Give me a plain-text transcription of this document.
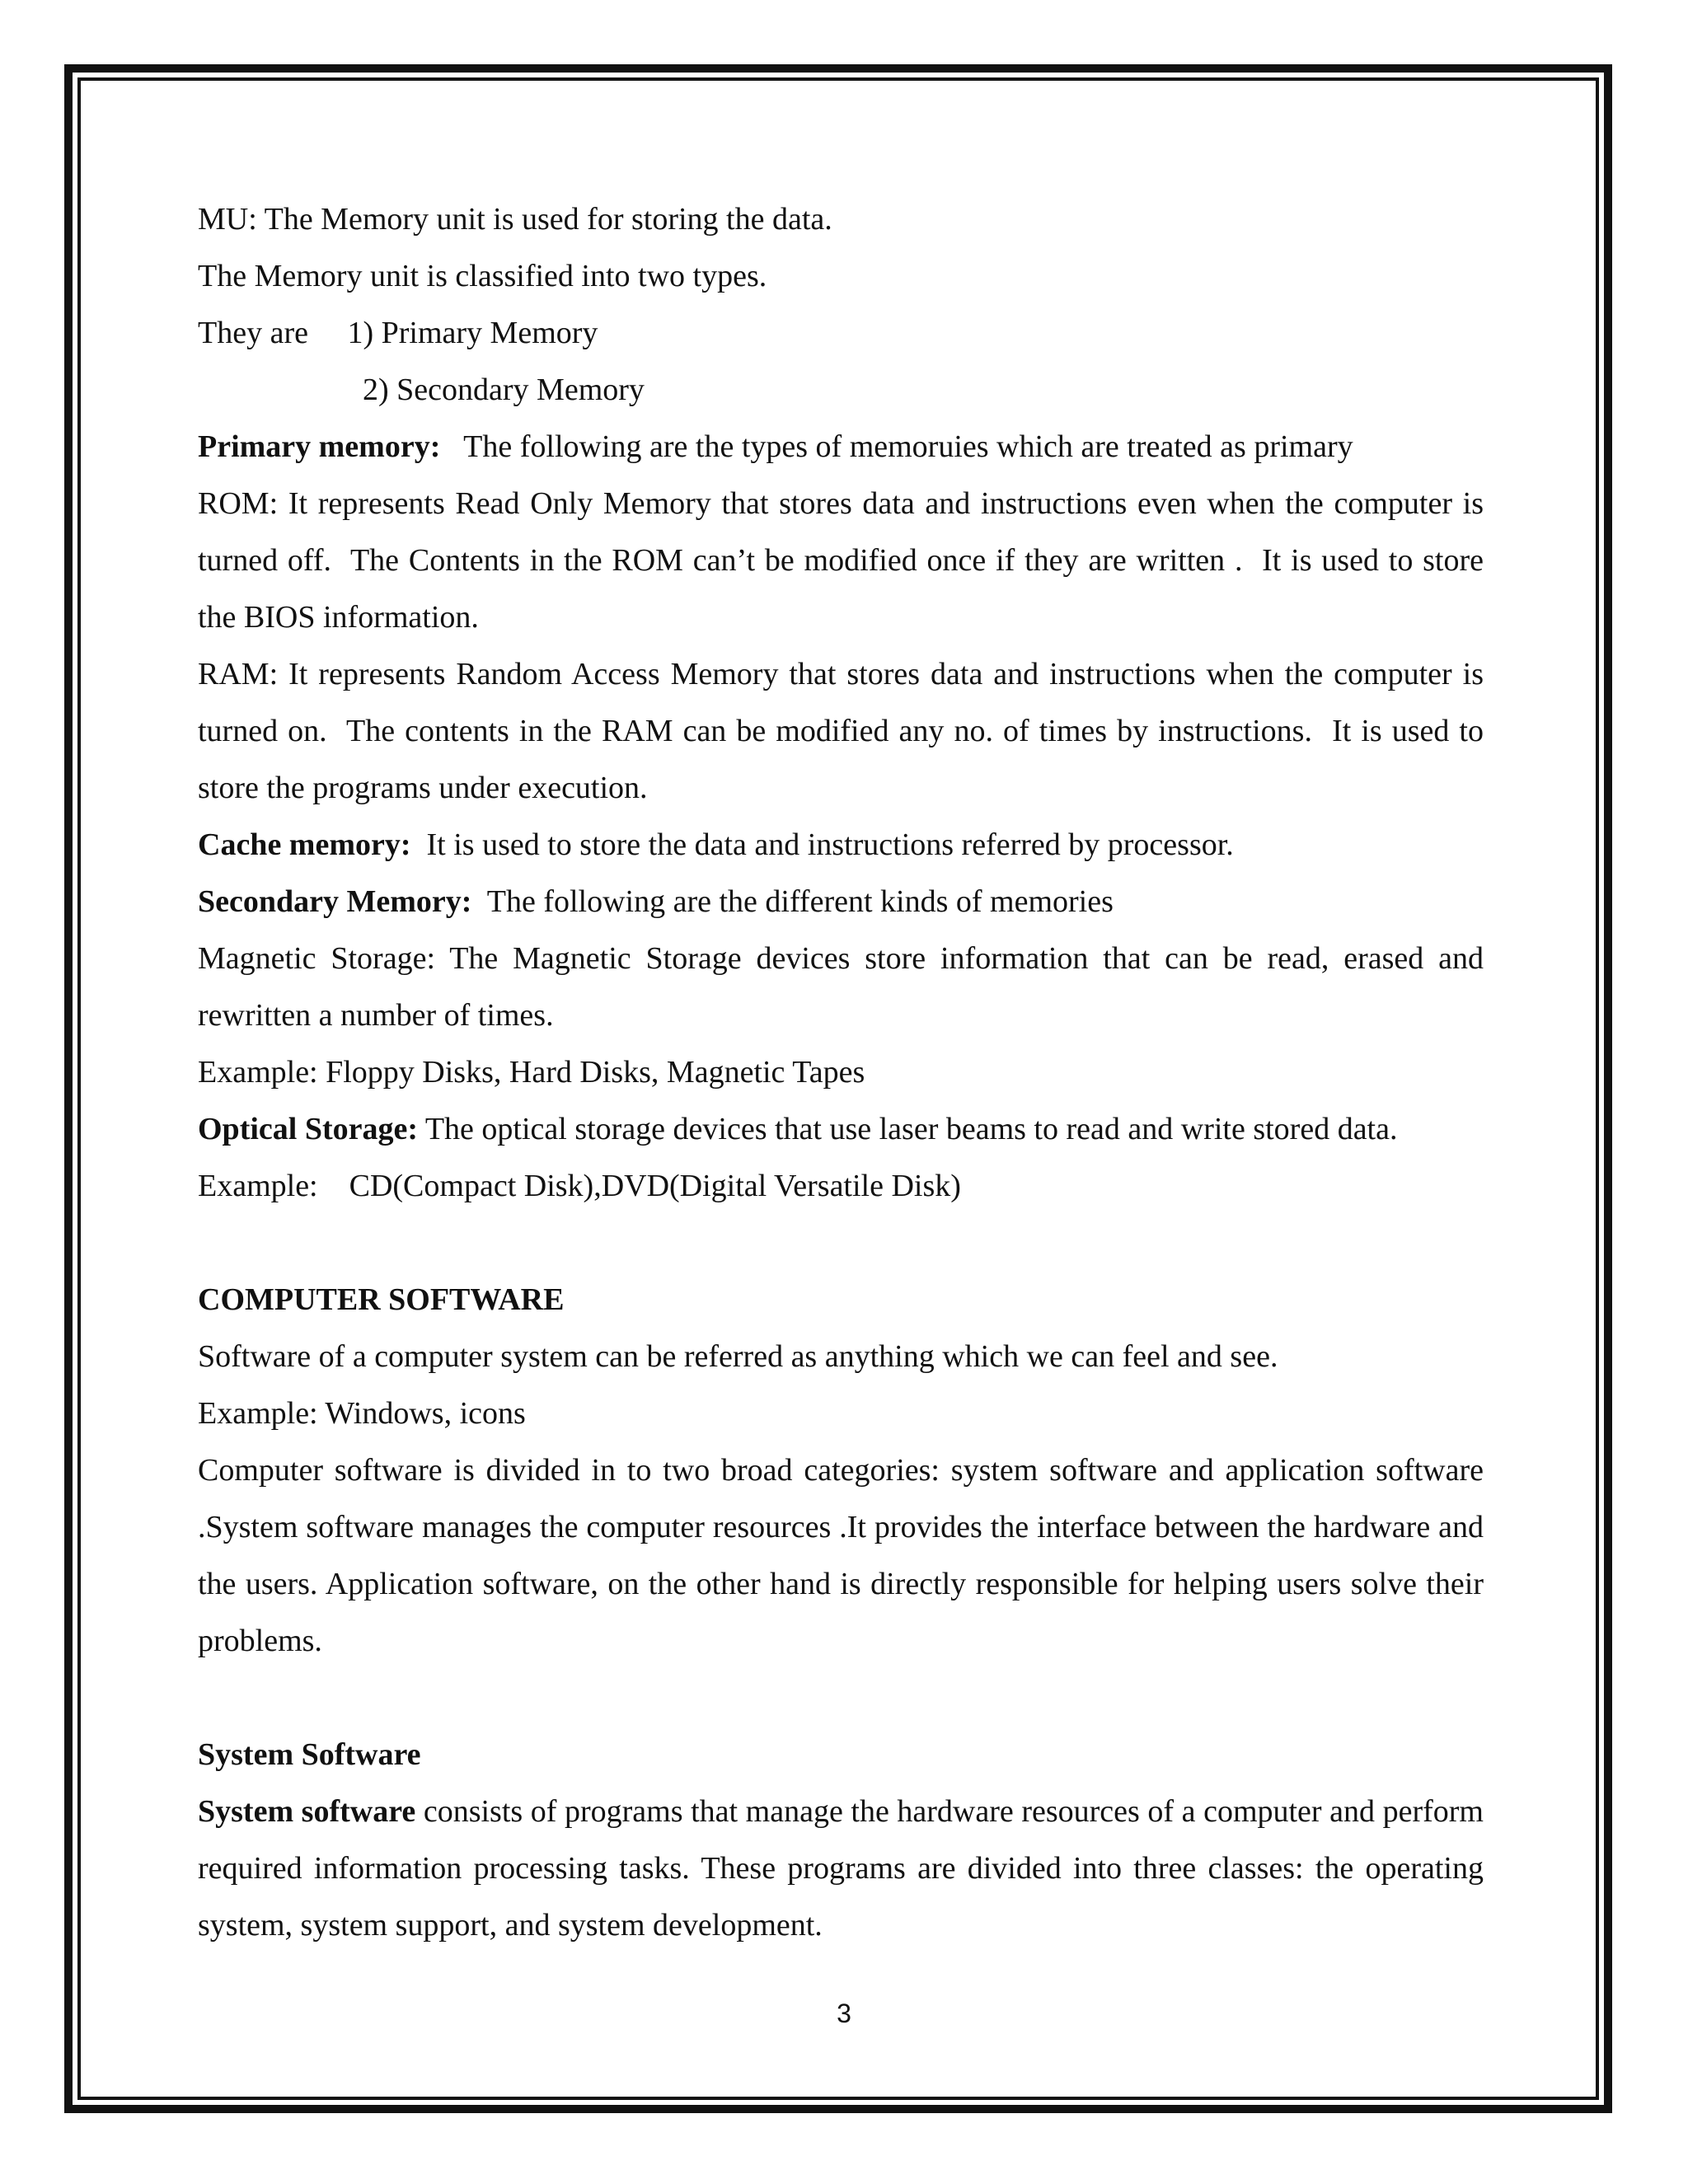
MU: The Memory unit is used for storing the data.

The Memory unit is classified into two types.

They are     1) Primary Memory

2) Secondary Memory

Primary memory:   The following are the types of memoruies which are treated as primary

ROM: It represents Read Only Memory that stores data and instructions even when the computer is turned off.  The Contents in the ROM can’t be modified once if they are written .  It is used to store the BIOS information.

RAM: It represents Random Access Memory that stores data and instructions when the computer is turned on.  The contents in the RAM can be modified any no. of times by instructions.  It is used to store the programs under execution.

Cache memory:  It is used to store the data and instructions referred by processor.

Secondary Memory:  The following are the different kinds of memories

Magnetic Storage: The Magnetic Storage devices store information that can be read, erased and rewritten a number of times.

Example: Floppy Disks, Hard Disks, Magnetic Tapes

Optical Storage: The optical storage devices that use laser beams to read and write stored data.

Example:    CD(Compact Disk),DVD(Digital Versatile Disk)

COMPUTER SOFTWARE

Software of a computer system can be referred as anything which we can feel and see.

Example: Windows, icons

Computer software is divided in to two broad categories: system software and application software .System software manages the computer resources .It provides the interface between the hardware and the users. Application software, on the other hand is directly responsible for helping users solve their problems.

System Software

System software consists of programs that manage the hardware resources of a computer and perform required information processing tasks. These programs are divided into three classes: the operating system, system support, and system development.

3
